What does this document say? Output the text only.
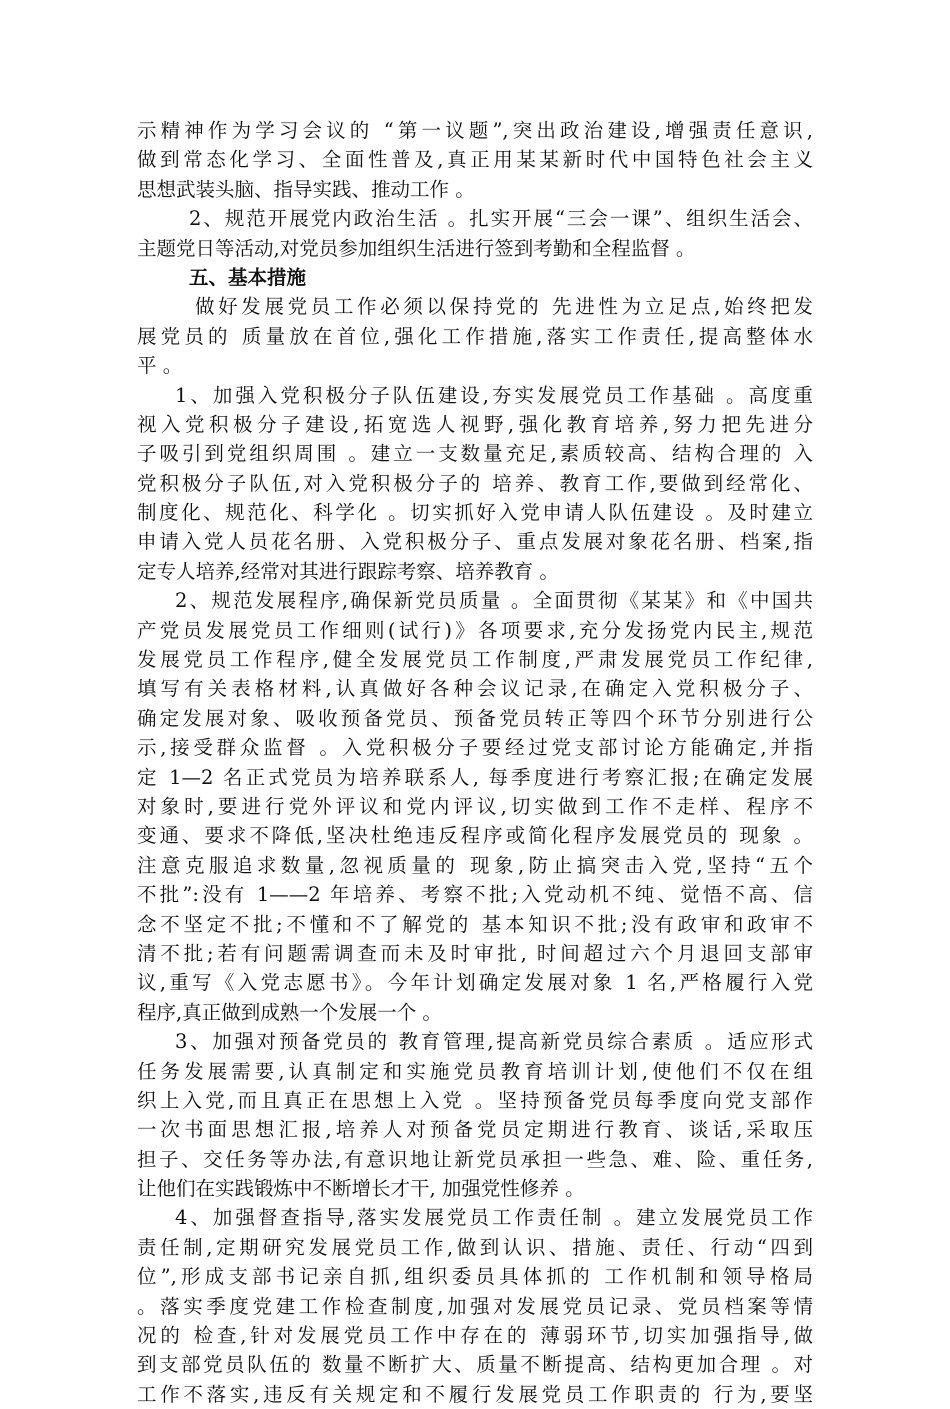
示精神作为学习会议的 “第一议题”,突出政治建设,增强责任意识,
做到常态化学习、全面性普及,真正用某某新时代中国特色社会主义
思想武装头脑、指导实践、推动工作 。
2、规范开展党内政治生活 。扎实开展“三会一课”、组织生活会、
主题党日等活动,对党员参加组织生活进行签到考勤和全程监督 。
五、基本措施
做好发展党员工作必须以保持党的 先进性为立足点,始终把发
展党员的 质量放在首位,强化工作措施,落实工作责任,提高整体水
平 。
1、加强入党积极分子队伍建设,夯实发展党员工作基础 。高度重
视入党积极分子建设,拓宽选人视野,强化教育培养,努力把先进分
子吸引到党组织周围 。建立一支数量充足,素质较高、结构合理的 入
党积极分子队伍,对入党积极分子的 培养、教育工作,要做到经常化、
制度化、规范化、科学化 。切实抓好入党申请人队伍建设 。及时建立
申请入党人员花名册、入党积极分子、重点发展对象花名册、档案,指
定专人培养,经常对其进行跟踪考察、培养教育 。
2、规范发展程序,确保新党员质量 。全面贯彻《某某》和《中国共
产党员发展党员工作细则(试行)》各项要求,充分发扬党内民主,规范
发展党员工作程序,健全发展党员工作制度,严肃发展党员工作纪律,
填写有关表格材料,认真做好各种会议记录,在确定入党积极分子、
确定发展对象、吸收预备党员、预备党员转正等四个环节分别进行公
示,接受群众监督 。入党积极分子要经过党支部讨论方能确定,并指
定 1—2 名正式党员为培养联系人, 每季度进行考察汇报;在确定发展
对象时,要进行党外评议和党内评议,切实做到工作不走样、程序不
变通、要求不降低,坚决杜绝违反程序或简化程序发展党员的 现象 。
注意克服追求数量,忽视质量的 现象,防止搞突击入党,坚持“五个
不批”:没有 1——2 年培养、考察不批;入党动机不纯、觉悟不高、信
念不坚定不批;不懂和不了解党的 基本知识不批;没有政审和政审不
清不批;若有问题需调查而未及时审批, 时间超过六个月退回支部审
议,重写《入党志愿书》。今年计划确定发展对象 1 名,严格履行入党
程序,真正做到成熟一个发展一个 。
3、加强对预备党员的 教育管理,提高新党员综合素质 。适应形式
任务发展需要,认真制定和实施党员教育培训计划,使他们不仅在组
织上入党,而且真正在思想上入党 。坚持预备党员每季度向党支部作
一次书面思想汇报,培养人对预备党员定期进行教育、谈话,采取压
担子、交任务等办法,有意识地让新党员承担一些急、难、险、重任务,
让他们在实践锻炼中不断增长才干, 加强党性修养 。
4、加强督查指导,落实发展党员工作责任制 。建立发展党员工作
责任制,定期研究发展党员工作,做到认识、措施、责任、行动“四到
位”,形成支部书记亲自抓,组织委员具体抓的 工作机制和领导格局
。落实季度党建工作检查制度,加强对发展党员记录、党员档案等情
况的 检查,针对发展党员工作中存在的 薄弱环节,切实加强指导,做
到支部党员队伍的 数量不断扩大、质量不断提高、结构更加合理 。对
工作不落实,违反有关规定和不履行发展党员工作职责的 行为,要坚
